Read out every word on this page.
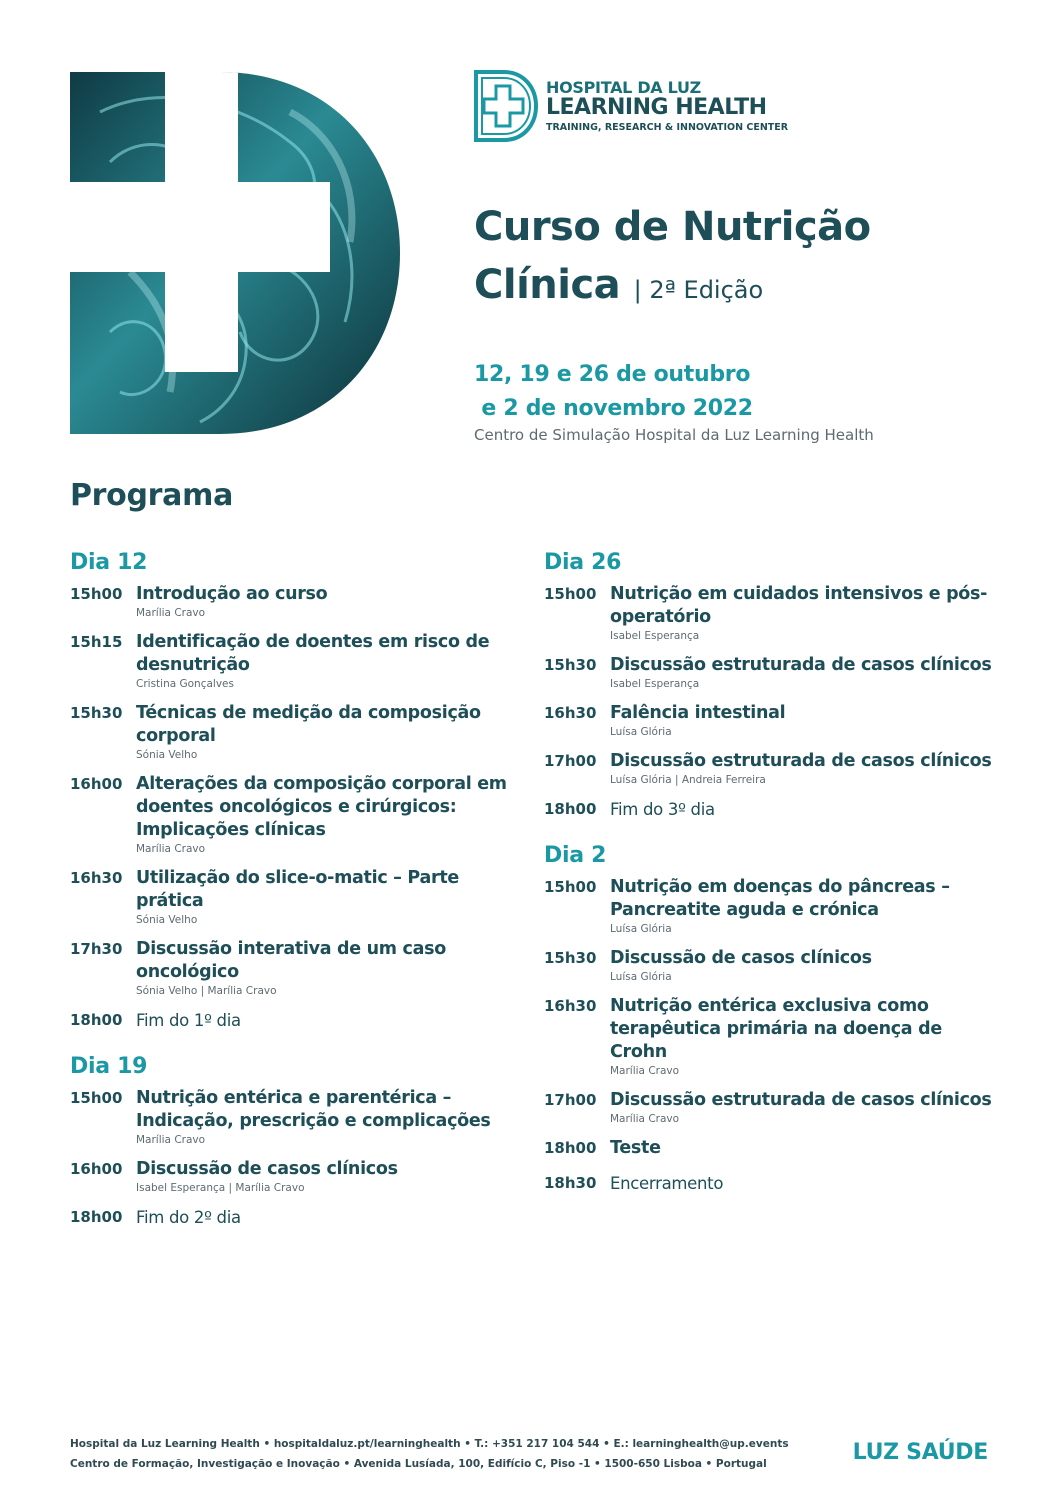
HOSPITAL DA LUZ
LEARNING HEALTH
TRAINING, RESEARCH & INNOVATION CENTER
Curso de Nutrição
Clínica | 2ª Edição
12, 19 e 26 de outubro
e 2 de novembro 2022
Centro de Simulação Hospital da Luz Learning Health
Programa
Dia 12
15h00 Introdução ao curso
Marília Cravo
15h15 Identificação de doentes em risco de desnutrição
Cristina Gonçalves
15h30 Técnicas de medição da composição corporal
Sónia Velho
16h00 Alterações da composição corporal em doentes oncológicos e cirúrgicos: Implicações clínicas
Marília Cravo
16h30 Utilização do slice-o-matic – Parte prática
Sónia Velho
17h30 Discussão interativa de um caso oncológico
Sónia Velho | Marília Cravo
18h00 Fim do 1º dia
Dia 19
15h00 Nutrição entérica e parentérica – Indicação, prescrição e complicações
Marília Cravo
16h00 Discussão de casos clínicos
Isabel Esperança | Marília Cravo
18h00 Fim do 2º dia
Dia 26
15h00 Nutrição em cuidados intensivos e pós-operatório
Isabel Esperança
15h30 Discussão estruturada de casos clínicos
Isabel Esperança
16h30 Falência intestinal
Luísa Glória
17h00 Discussão estruturada de casos clínicos
Luísa Glória | Andreia Ferreira
18h00 Fim do 3º dia
Dia 2
15h00 Nutrição em doenças do pâncreas – Pancreatite aguda e crónica
Luísa Glória
15h30 Discussão de casos clínicos
Luísa Glória
16h30 Nutrição entérica exclusiva como terapêutica primária na doença de Crohn
Marília Cravo
17h00 Discussão estruturada de casos clínicos
Marília Cravo
18h00 Teste
18h30 Encerramento
Hospital da Luz Learning Health • hospitaldaluz.pt/learninghealth • T.: +351 217 104 544 • E.: learninghealth@up.events
Centro de Formação, Investigação e Inovação • Avenida Lusíada, 100, Edifício C, Piso -1 • 1500-650 Lisboa • Portugal	LUZ SAÚDE
